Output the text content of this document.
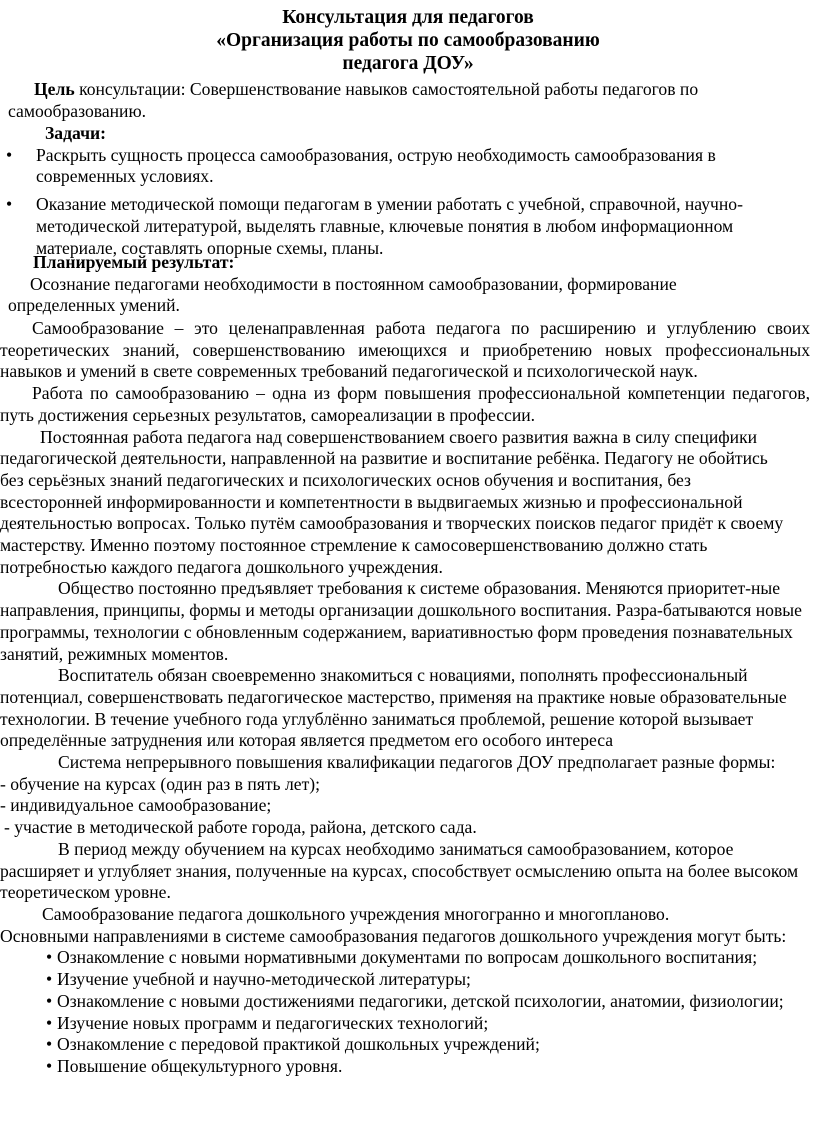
Консультация для педагогов

«Организация работы по самообразованию

педагога ДОУ»

Цель консультации: Совершенствование навыков самостоятельной работы педагогов по самообразованию.

Задачи:

• Раскрыть сущность процесса самообразования, острую необходимость самообразования в современных условиях.
• Оказание методической помощи педагогам в умении работать с учебной, справочной, научно-методической литературой, выделять главные, ключевые понятия в любом информационном материале, составлять опорные схемы, планы.

Планируемый результат:

Осознание педагогами необходимости в постоянном самообразовании, формирование определенных умений.

Самообразование – это целенаправленная работа педагога по расширению и углублению своих теоретических знаний, совершенствованию имеющихся и приобретению новых профессиональных навыков и умений в свете современных требований педагогической и психологической наук.

Работа по самообразованию – одна из форм повышения профессиональной компетенции педагогов, путь достижения серьезных результатов, самореализации в профессии.

Постоянная работа педагога над совершенствованием своего развития важна в силу специфики педагогической деятельности, направленной на развитие и воспитание ребёнка. Педагогу не обойтись без серьёзных знаний педагогических и психологических основ обучения и воспитания, без всесторонней информированности и компетентности в выдвигаемых жизнью и профессиональной деятельностью вопросах. Только путём самообразования и творческих поисков педагог придёт к своему мастерству. Именно поэтому постоянное стремление к самосовершенствованию должно стать потребностью каждого педагога дошкольного учреждения.

Общество постоянно предъявляет требования к системе образования. Меняются приоритет-ные направления, принципы, формы и методы организации дошкольного воспитания. Разра-батываются новые программы, технологии с обновленным содержанием, вариативностью форм проведения познавательных занятий, режимных моментов.

Воспитатель обязан своевременно знакомиться с новациями, пополнять профессиональный потенциал, совершенствовать педагогическое мастерство, применяя на практике новые образовательные технологии. В течение учебного года углублённо заниматься проблемой, решение которой вызывает определённые затруднения или которая является предметом его особого интереса

Система непрерывного повышения квалификации педагогов ДОУ предполагает разные формы:

- обучение на курсах (один раз в пять лет);

- индивидуальное самообразование;

- участие в методической работе города, района, детского сада.

В период между обучением на курсах необходимо заниматься самообразованием, которое расширяет и углубляет знания, полученные на курсах, способствует осмыслению опыта на более высоком теоретическом уровне.

Самообразование педагога дошкольного учреждения многогранно и многопланово.

Основными направлениями в системе самообразования педагогов дошкольного учреждения могут быть:

• Ознакомление с новыми нормативными документами по вопросам дошкольного воспитания;
• Изучение учебной и научно-методической литературы;
• Ознакомление с новыми достижениями педагогики, детской психологии, анатомии, физиологии;
• Изучение новых программ и педагогических технологий;
• Ознакомление с передовой практикой дошкольных учреждений;
• Повышение общекультурного уровня.
